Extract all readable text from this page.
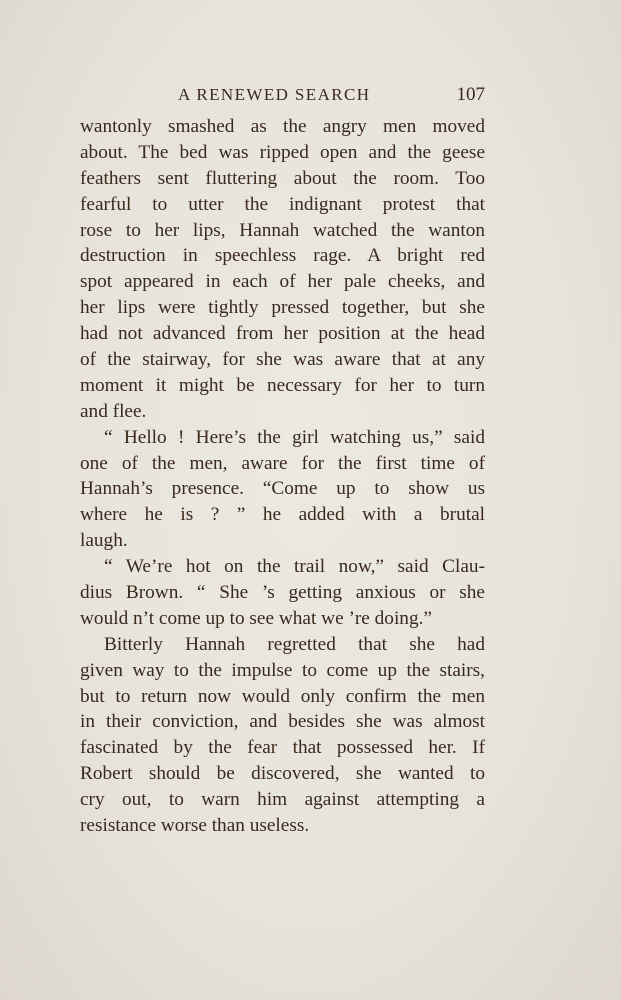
A RENEWED SEARCH	107
wantonly smashed as the angry men moved
about. The bed was ripped open and the geese
feathers sent fluttering about the room. Too
fearful to utter the indignant protest that
rose to her lips, Hannah watched the wanton
destruction in speechless rage. A bright red
spot appeared in each of her pale cheeks, and
her lips were tightly pressed together, but she
had not advanced from her position at the head
of the stairway, for she was aware that at any
moment it might be necessary for her to turn
and flee.
“ Hello ! Here’s the girl watching us,” said
one of the men, aware for the first time of
Hannah’s presence. “Come up to show us
where he is ? ” he added with a brutal
laugh.
“ We’re hot on the trail now,” said Clau-
dius Brown. “ She ’s getting anxious or she
would n’t come up to see what we ’re doing.”
Bitterly Hannah regretted that she had
given way to the impulse to come up the stairs,
but to return now would only confirm the men
in their conviction, and besides she was almost
fascinated by the fear that possessed her. If
Robert should be discovered, she wanted to
cry out, to warn him against attempting a
resistance worse than useless.
